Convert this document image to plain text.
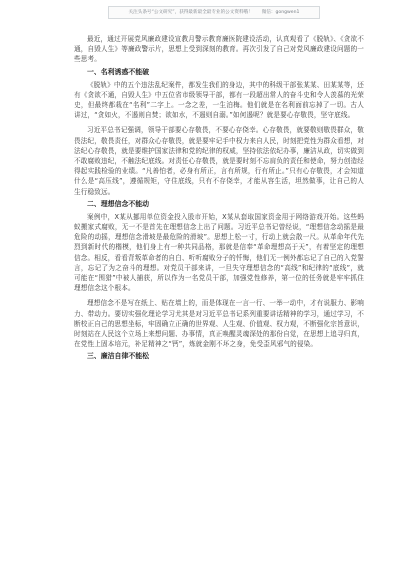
关注头条号“公文研究”，获得最新最全最专业的公文资料哦！ 微信：gongwen1

最近，通过开展党风廉政建设宣教月警示教育廉医院建设活动，认真观看了《脱轨》、《贪欲不通，自毁人生》等廉政警示片，思想上受到深刻的教育。再次引发了自己对党风廉政建设问题的一些思考。

一、名利诱惑不能破

《脱轨》中的五个违法乱纪案件，都发生我们的身边，其中的科级干部张某某、田某某等，还有《贪欲不通，自毁人生》中五位省市级领导干部，都有一段超出常人的奋斗史和令人羡慕的光荣史，但最终都栽在“名利”二字上。一念之差，一生泊梅。他们就是在名利面前忘掉了一切。古人讲过，“贪如火，不遏则自焚；欲如水，不遏则自溺。”如何遏呢？就是要心存敬畏，坚守底线。

习近平总书记强调，领导干部要心存敬畏，不要心存侥幸。心存敬畏，就要敬则敬畏群众，敬畏法纪，敬畏责任，对群众心存敬畏，就是要牢记手中权力来自人民，时刻把党性为群众看想，对法纪心存敬畏，就是要维护国家法律和党的纪律的权威，坚持依法依纪办事，廉洁从政，切实做到不敢腐败违纪，不触法纪底线。对责任心存敬畏，就是要时刻不忘肩负的责任和使命，努力创造经得起实践检验的业绩。“凡善怕者，必身有所正，言有所规，行有所止。”只有心存敬畏，才会知道什么是“高压线”，遵循规矩，守住底线，只有不存侥幸，才能从容生活，坦然做事，让自己的人生行稳致远。

二、理想信念不能动

案例中，X某从挪用单位资金投入股市开始，X某从套取国家资金用于网络游戏开始。这些蚂蚁搬家式腐败，无一不是首先在理想信念上出了问题。习近平总书记曾经说，“理想信念动摇是最危险的动摇，理想信念滑坡是最危险的滑坡”。思想上松一寸，行动上就会散一尺。从革命年代先烈到新时代的楷模，他们身上有一种共同品格，那就是信奉“革命理想高于天”，有着坚定的理想信念。相反，看看背叛革命者的自白、听听腐败分子的忏悔，他们无一例外都忘记了自己的入党誓言，忘记了为之奋斗的理想。对党员干部来讲，一旦失守理想信念的“高线”和纪律的“底线”，就可能在“围猎”中被人捕获，所以作为一名党员干部，加强党性修养，第一位的任务就是牢牢抓住理想信念这个根本。

理想信念不是写在纸上、贴在墙上的，而是体现在一言一行、一举一动中，才有说服力、影响力、带动力。要切实强化理论学习尤其是对习近平总书记系列重要讲话精神的学习，通过学习，不断校正自己的思想坐标，牢固确立正确的世界观、人生观、价值观、权力观，不断强化宗旨意识，时刻站在人民这个立场上来想问题、办事情，真正唤醒灵魂深处的那份自觉，在思想上追寻归真，在党性上固本培元，补足精神之“钙”，炼就金刚不坏之身，免受歪风邪气的侵染。

三、廉洁自律不能松
